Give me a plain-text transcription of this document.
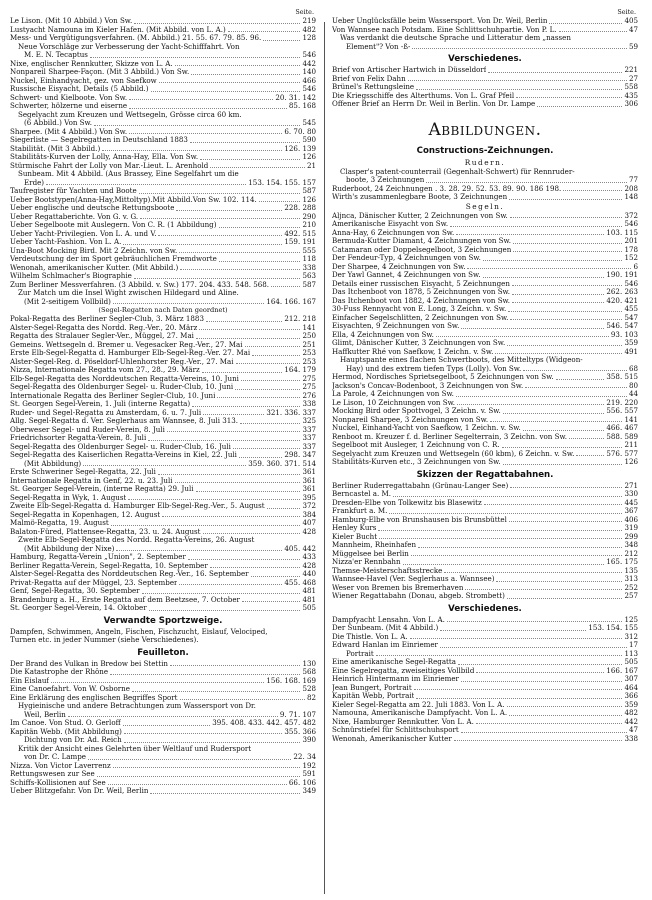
Seite.
Le Lison. (Mit 10 Abbild.) Von Sw.	219
Lustyacht Namouna im Kieler Hafen. (Mit Abbild. von L. A.)	482
Mess- und Vergütigungsverfahren. (M. Abbild.) 21. 55. 67. 79. 85. 96.	128
Neue Vorschläge zur Verbesserung der Yacht-Schifffahrt. Von
M. E. N. Tecaptus	546
Nixe, englischer Rennkutter, Skizze von L. A.	442
Nonpareil Sharpee-Façon. (Mit 3 Abbild.) Von Sw.	140
Nuckel, Einhandyacht, gez. von Saefkow	466
Russische Eisyacht, Details (5 Abbild.)	546
Schwert- und Kielboote. Von Sw.	20. 31. 142
Schwerter, hölzerne und eiserne	85. 168
Segelyacht zum Kreuzen und Wettsegeln, Grösse circa 60 km.
(6 Abbild.) Von Sw.	545
Sharpee. (Mit 4 Abbild.) Von Sw.	6. 70. 80
Siegerliste — Segelregatten in Deutschland 1883	590
Stabilität. (Mit 3 Abbild.)	126. 139
Stabilitäts-Kurven der Lolly, Anna-Hay, Ella. Von Sw.	126
Stürmische Fahrt der Lolly von Mar.-Lieut. L. Arenhold	21
Sunbeam. Mit 4 Abbild. (Aus Brassey, Eine Segelfahrt um die
Erde)	153. 154. 155. 157
Taufregister für Yachten und Boote	587
Ueber Bootstypen(Anna-Hay,Mittoltyp).Mit Abbild.Von Sw. 102. 114.	126
Ueber englische und deutsche Rettungsboote	228. 288
Ueber Regattaberichte. Von G. v. G.	290
Ueber Segelboote mit Auslegern. Von C. R. (1 Abbildung)	210
Ueber Yacht-Privilegien. Von L. A. und V.	492. 515
Ueber Yacht-Fashion. Von L. A.	159. 191
Una-Boot Mocking Bird. Mit 2 Zeichn. von Sw.	555
Verdeutschung der im Sport gebräuchlichen Fremdworte	118
Wenonah, amerikanischer Kutter. (Mit Abbild.)	338
Wilhelm Schlmacher's Biographie	563
Zum Berliner Messverfahren. (3 Abbild. v. Sw.) 177. 204. 433. 548. 568.	587
Zur Match um die Insel Wight zwischen Hildegard und Aline.
(Mit 2-seitigem Vollbild)	164. 166. 167
(Segel-Regatten nach Daten geordnet)
Pokal-Regatta des Berliner Segler-Club, 3. März 1883	212. 218
Alster-Segel-Regatta des Nordd. Reg.-Ver., 20. März	141
Regatta des Stralauer Segler-Ver., Müggel, 27. Mai	250
Gemeins. Wettsegeln d. Bremer u. Vegesacker Reg.-Ver., 27. Mai	251
Erste Elb-Segel-Regatta d. Hamburger Elb-Segel-Reg.-Ver. 27. Mai	253
Alster-Segel-Reg. d. Pöseldorf-Uhlenhorster Reg.-Ver., 27. Mai	253
Nizza, Internationale Regatta vom 27., 28., 29. März	164. 179
Elb-Segel-Regatta des Norddeutschen Regatta-Vereins, 10. Juni	275
Segel-Regatta des Oldenburger Segel- u. Ruder-Club, 10. Juni	275
Internationale Regatta des Berliner Segler-Club, 10. Juni	276
St. Georgen Segel-Verein, 1. Juli (interne Regatta)	338
Ruder- und Segel-Regatta zu Amsterdam, 6. u. 7. Juli	321. 336. 337
Allg. Segel-Regatta d. Ver. Seglerhaus am Wannsee, 8. Juli 313.	325
Oberweser Segel- und Ruder-Verein, 8. Juli	337
Friedrichsorter Regatta-Verein, 8. Juli	337
Segel-Regatta des Oldenburger Segel- u. Ruder-Club, 16. Juli	337
Segel-Regatta des Kaiserlichen Regatta-Vereins in Kiel, 22. Juli	298. 347
(Mit Abbildung)	359. 360. 371. 514
Erste Schweriner Segel-Regatta, 22. Juli	361
Internationale Regatta in Genf, 22. u. 23. Juli	361
St. Georger Segel-Verein, (interne Regatta) 29. Juli	361
Segel-Regatta in Wyk, 1. August	395
Zweite Elb-Segel-Regatta d. Hamburger Elb-Segel-Reg.-Ver., 5. August	372
Segel-Regatta in Kopenhagen, 12. August	384
Malmö-Regatta, 19. August	407
Balaton-Füred, Plattensee-Regatta, 23. u. 24. August	428
Zweite Elb-Segel-Regatta des Nordd. Regatta-Vereins, 26. August
(Mit Abbildung der Nixe)	405. 442
Hamburg, Regatta-Verein „Union", 2. September	433
Berliner Regatta-Verein, Segel-Regatta, 10. September	428
Alster-Segel-Regatta des Norddeutschen Reg.-Ver., 16. September	440
Privat-Regatta auf der Müggel, 23. September	455. 468
Genf, Segel-Regatta, 30. September	481
Brandenburg a. H., Erste Regatta auf dem Beetzsee, 7. October	481
St. Georger Segel-Verein, 14. Oktober	505
Verwandte Sportzweige.
Dampfen, Schwimmen, Angeln, Fischen, Fischzucht, Eislauf, Velociped,
Turnen etc. in jeder Nummer (siehe Verschiedenes).
Feuilleton.
Der Brand des Vulkan in Bredow bei Stettin	130
Die Katastrophe der Rhône	568
Ein Eislauf	156. 168. 169
Eine Canoefahrt. Von W. Osborne	528
Eine Erklärung des englischen Begriffes Sport	82
Hygieinische und andere Betrachtungen zum Wassersport von Dr.
Weil, Berlin	9. 71. 107
Im Canoe. Von Stud. O. Gerloff	395. 408. 433. 442. 457. 482
Kapitän Webb. (Mit Abbildung)	355. 366
Dichtung von Dr. Ad. Reich	390
Kritik der Ansicht eines Gelehrten über Weltlauf und Rudersport
von Dr. C. Lampe	22. 34
Nizza. Von Victor Laverrenz	192
Rettungswesen zur See	591
Schiffs-Kollisionen auf See	66. 106
Ueber Blitzgefahr. Von Dr. Weil, Berlin	349
Seite.
Ueber Unglücksfälle beim Wassersport. Von Dr. Weil, Berlin	405
Von Wannsee nach Potsdam. Eine Schlittschuhpartie. Von P. L.	47
Was verdankt die deutsche Sprache und Litteratur dem „nassen
Element"? Von -ß-	59
Verschiedenes.
Brief von Artischer Hartwich in Düsseldorf	221
Brief von Felix Dahn	27
Brünel's Rettungsleine	558
Die Kriegsschiffe des Alterthums. Von L. Graf Pfeil	435
Offener Brief an Herrn Dr. Weil in Berlin. Von Dr. Lampe	306
Abbildungen.
Constructions-Zeichnungen.
Rudern.
Clasper's patent-counterrail (Gegenhalt-Schwert) für Rennruder-
boote, 3 Zeichnungen	77
Ruderboot, 24 Zeichnungen . 3. 28. 29. 52. 53. 89. 90. 186 198.	208
Wirth's zusammenlegbare Boote, 3 Zeichnungen	148
Segeln.
Aljnca, Dänischer Kutter, 2 Zeichnungen von Sw.	372
Amerikanische Eisyacht von Sw.	546
Anna-Hay, 6 Zeichnungen von Sw.	103. 115
Bermuda-Kutter Diamant, 4 Zeichnungen von Sw.	201
Catamaran oder Doppelsegelboot, 3 Zeichnungen	178
Der Fendeur-Typ, 4 Zeichnungen von Sw.	152
Der Sharpee, 4 Zeichnungen von Sw.	6
Der Yawl Gannet, 4 Zeichnungen von Sw.	190. 191
Details einer russischen Eisyacht, 5 Zeichnungen	546
Das Itchenboot von 1878, 5 Zeichnungen von Sw.	262. 263
Das Itchenboot von 1882, 4 Zeichnungen von Sw.	420. 421
30-Fuss Rennyacht von E. Long, 3 Zeichn. v. Sw.	455
Einfacher Segelschlitten, 2 Zeichnungen von Sw.	547
Eisyachten, 9 Zeichnungen von Sw.	546. 547
Ella, 4 Zeichnungen von Sw.	93. 103
Glimt, Dänischer Kutter, 3 Zeichnungen von Sw.	359
Haffkutter Rhé von Saefkow, 1 Zeichn. v. Sw.	491
Hauptspante eines flachen Schwertboots, des Mitteltyps (Widgeon-
Hay) und des extrem tiefen Typs (Lolly). Von Sw.	68
Hermod, Nordisches Sprietsegelboot, 5 Zeichnungen von Sw.	358. 515
Jackson's Concav-Bodenboot, 3 Zeichnungen von Sw.	80
La Parole, 4 Zeichnungen von Sw.	44
Le Lison, 10 Zeichnungen von Sw.	219. 220
Mocking Bird oder Spottvogel, 3 Zeichn. v. Sw.	556. 557
Nonpareil Sharpee, 3 Zeichnungen von Sw.	141
Nuckel, Einhand-Yacht von Saefkow, 1 Zeichn. v. Sw.	466. 467
Renboot m. Kreuzer f. d. Berliner Segelterrain, 3 Zeichn. von Sw.	588. 589
Segelboot mit Ausleger, 1 Zeichnung von C. R.	211
Segelyacht zum Kreuzen und Wettsegeln (60 kbm), 6 Zeichn. v. Sw.	576. 577
Stabilitäts-Kurven etc., 3 Zeichnungen von Sw.	126
Skizzen der Regattabahnen.
Berliner Ruderregattabahn (Grünau-Langer See)	271
Berncastel a. M.	330
Dresden-Elbe von Tolkewitz bis Blasewitz	445
Frankfurt a. M.	367
Hamburg-Elbe von Brunshausen bis Brunsbüttel	406
Henley Kurs	319
Kieler Bucht	299
Mannheim, Rheinhafen	348
Müggelsee bei Berlin	212
Nizza'er Rennbahn	165. 175
Themse-Meisterschaftsstrecke	135
Wannsee-Havel (Ver. Seglerhaus a. Wannsee)	313
Weser von Bremen bis Bremerhaven	252
Wiener Regattabahn (Donau, abgeb. Strombett)	257
Verschiedenes.
Dampfyacht Lensahn. Von L. A.	125
Der Sunbeam. (Mit 4 Abbild.)	153. 154. 155
Die Thistle. Von L. A.	312
Edward Hanlan im Einriemer	17
Portrait	113
Eine amerikanische Segel-Regatta	505
Eine Segelregatta, zweiseitiges Vollbild	166. 167
Heinrich Hintermann im Einriemer	307
Jean Bungert, Portrait	464
Kapitän Webb, Portrait	366
Kieler Segel-Regatta am 22. Juli 1883. Von L. A.	359
Namouna, Amerikanische Dampfyacht. Von L. A.	482
Nixe, Hamburger Rennkutter. Von L. A.	442
Schnürstiefel für Schlittschuhsport	47
Wenonah, Amerikanischer Kutter	338
